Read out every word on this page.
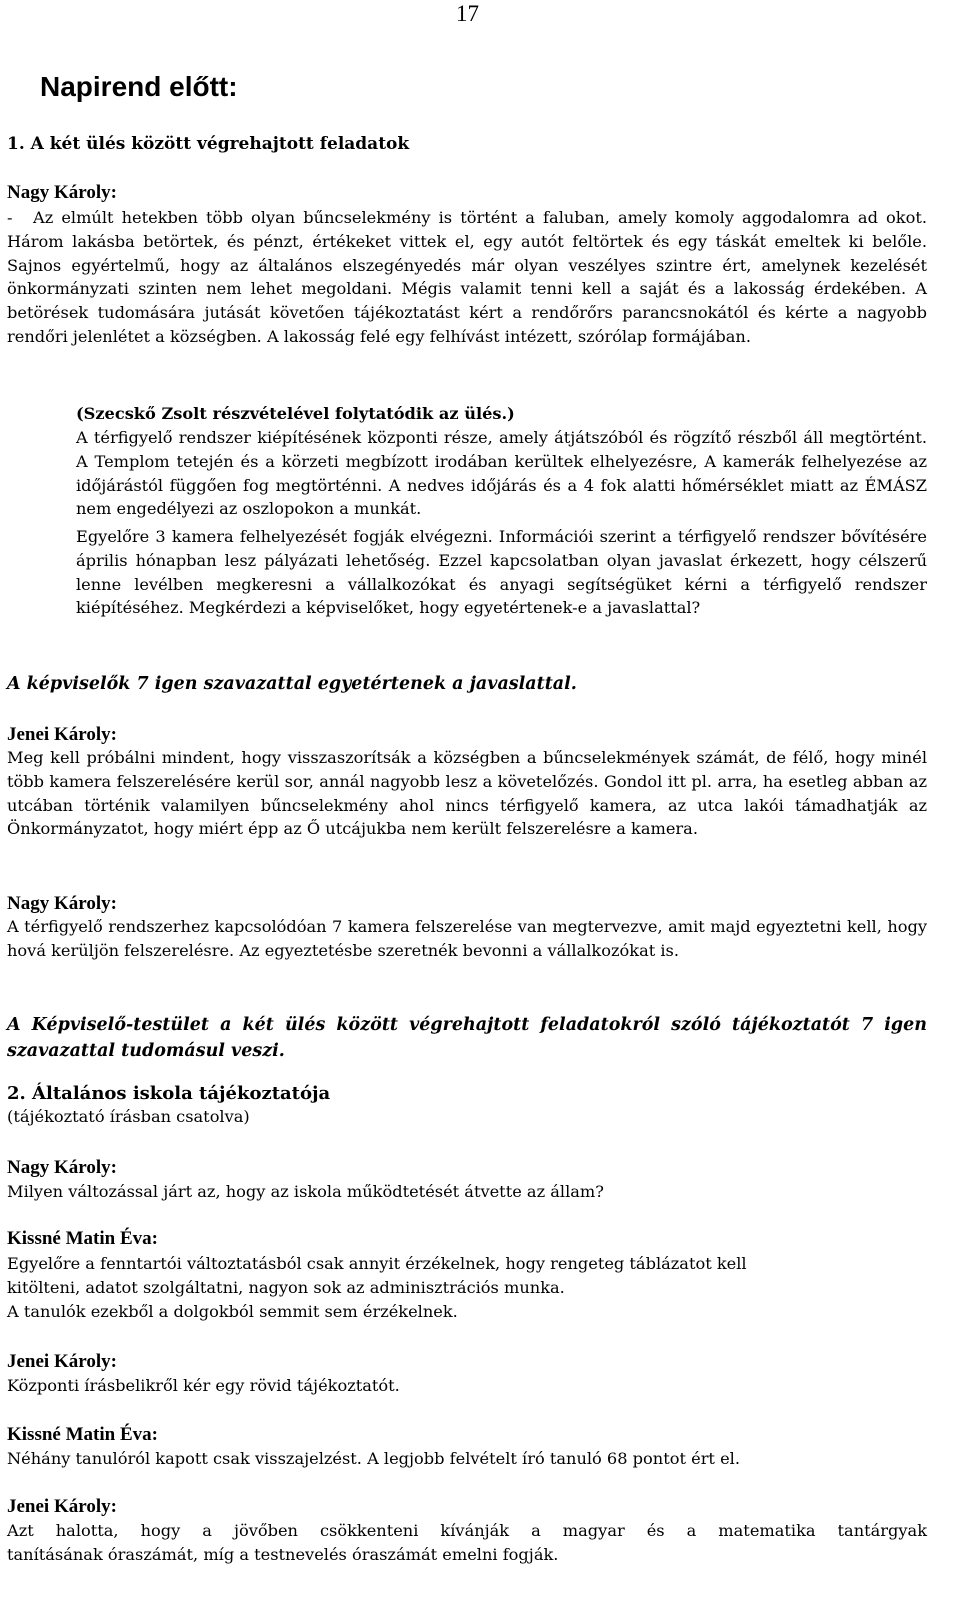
17
Napirend előtt:
1. A két ülés között végrehajtott feladatok
Nagy Károly:
-	Az elmúlt hetekben több olyan bűncselekmény is történt a faluban, amely komoly aggodalomra ad okot. Három lakásba betörtek, és pénzt, értékeket vittek el, egy autót feltörtek és egy táskát emeltek ki belőle. Sajnos egyértelmű, hogy az általános elszegényedés már olyan veszélyes szintre ért, amelynek kezelését önkormányzati szinten nem lehet megoldani. Mégis valamit tenni kell a saját és a lakosság érdekében. A betörések tudomására jutását követően tájékoztatást kért a rendőrőrs parancsnokától és kérte a nagyobb rendőri jelenlétet a községben. A lakosság felé egy felhívást intézett, szórólap formájában.
(Szecskő Zsolt részvételével folytatódik az ülés.)
A térfigyelő rendszer kiépítésének központi része, amely átjátszóból és rögzítő részből áll megtörtént. A Templom tetején és a körzeti megbízott irodában kerültek elhelyezésre, A kamerák felhelyezése az időjárástól függően fog megtörténni. A nedves időjárás és a 4 fok alatti hőmérséklet miatt az ÉMÁSZ nem engedélyezi az oszlopokon a munkát.
Egyelőre 3 kamera felhelyezését fogják elvégezni. Információi szerint a térfigyelő rendszer bővítésére április hónapban lesz pályázati lehetőség. Ezzel kapcsolatban olyan javaslat érkezett, hogy célszerű lenne levélben megkeresni a vállalkozókat és anyagi segítségüket kérni a térfigyelő rendszer kiépítéséhez. Megkérdezi a képviselőket, hogy egyetértenek-e a javaslattal?
A képviselők 7 igen szavazattal egyetértenek a javaslattal.
Jenei Károly:
Meg kell próbálni mindent, hogy visszaszorítsák a községben a bűncselekmények számát, de félő, hogy minél több kamera felszerelésére kerül sor, annál nagyobb lesz a követelőzés. Gondol itt pl. arra, ha esetleg abban az utcában történik valamilyen bűncselekmény ahol nincs térfigyelő kamera, az utca lakói támadhatják az Önkormányzatot, hogy miért épp az Ő utcájukba nem került felszerelésre a kamera.
Nagy Károly:
A térfigyelő rendszerhez kapcsolódóan 7 kamera felszerelése van megtervezve, amit majd egyeztetni kell, hogy hová kerüljön felszerelésre. Az egyeztetésbe szeretnék bevonni a vállalkozókat is.
A Képviselő-testület a két ülés között végrehajtott feladatokról szóló tájékoztatót 7 igen szavazattal tudomásul veszi.
2. Általános iskola tájékoztatója
(tájékoztató írásban csatolva)
Nagy Károly:
Milyen változással járt az, hogy az iskola működtetését átvette az állam?
Kissné Matin Éva:
Egyelőre a fenntartói változtatásból csak annyit érzékelnek, hogy rengeteg táblázatot kell
kitölteni, adatot szolgáltatni, nagyon sok az adminisztrációs munka.
A tanulók ezekből a dolgokból semmit sem érzékelnek.
Jenei Károly:
Központi írásbelikről kér egy rövid tájékoztatót.
Kissné Matin Éva:
Néhány tanulóról kapott csak visszajelzést. A legjobb felvételt író tanuló 68 pontot ért el.
Jenei Károly:
Azt halotta, hogy a jövőben csökkenteni kívánják a magyar és a matematika tantárgyak
tanításának óraszámát, míg a testnevelés óraszámát emelni fogják.
